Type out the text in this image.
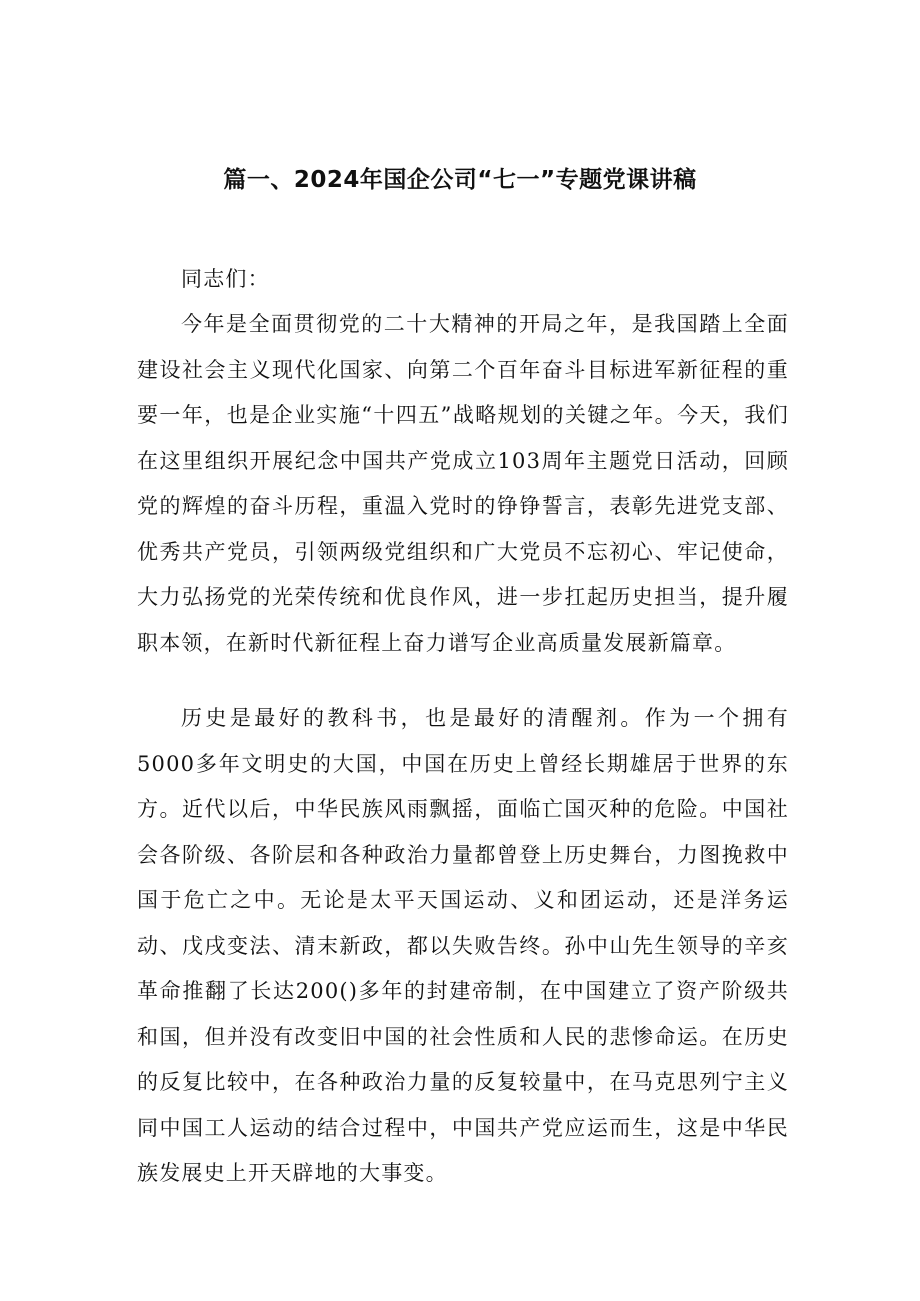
篇一、2024年国企公司“七一”专题党课讲稿

同志们：

今年是全面贯彻党的二十大精神的开局之年，是我国踏上全面建设社会主义现代化国家、向第二个百年奋斗目标进军新征程的重要一年，也是企业实施“十四五”战略规划的关键之年。今天，我们在这里组织开展纪念中国共产党成立103周年主题党日活动，回顾党的辉煌的奋斗历程，重温入党时的铮铮誓言，表彰先进党支部、优秀共产党员，引领两级党组织和广大党员不忘初心、牢记使命，大力弘扬党的光荣传统和优良作风，进一步扛起历史担当，提升履职本领，在新时代新征程上奋力谱写企业高质量发展新篇章。

历史是最好的教科书，也是最好的清醒剂。作为一个拥有5000多年文明史的大国，中国在历史上曾经长期雄居于世界的东方。近代以后，中华民族风雨飘摇，面临亡国灭种的危险。中国社会各阶级、各阶层和各种政治力量都曾登上历史舞台，力图挽救中国于危亡之中。无论是太平天国运动、义和团运动，还是洋务运动、戊戌变法、清末新政，都以失败告终。孙中山先生领导的辛亥革命推翻了长达200()多年的封建帝制，在中国建立了资产阶级共和国，但并没有改变旧中国的社会性质和人民的悲惨命运。在历史的反复比较中，在各种政治力量的反复较量中，在马克思列宁主义同中国工人运动的结合过程中，中国共产党应运而生，这是中华民族发展史上开天辟地的大事变。
